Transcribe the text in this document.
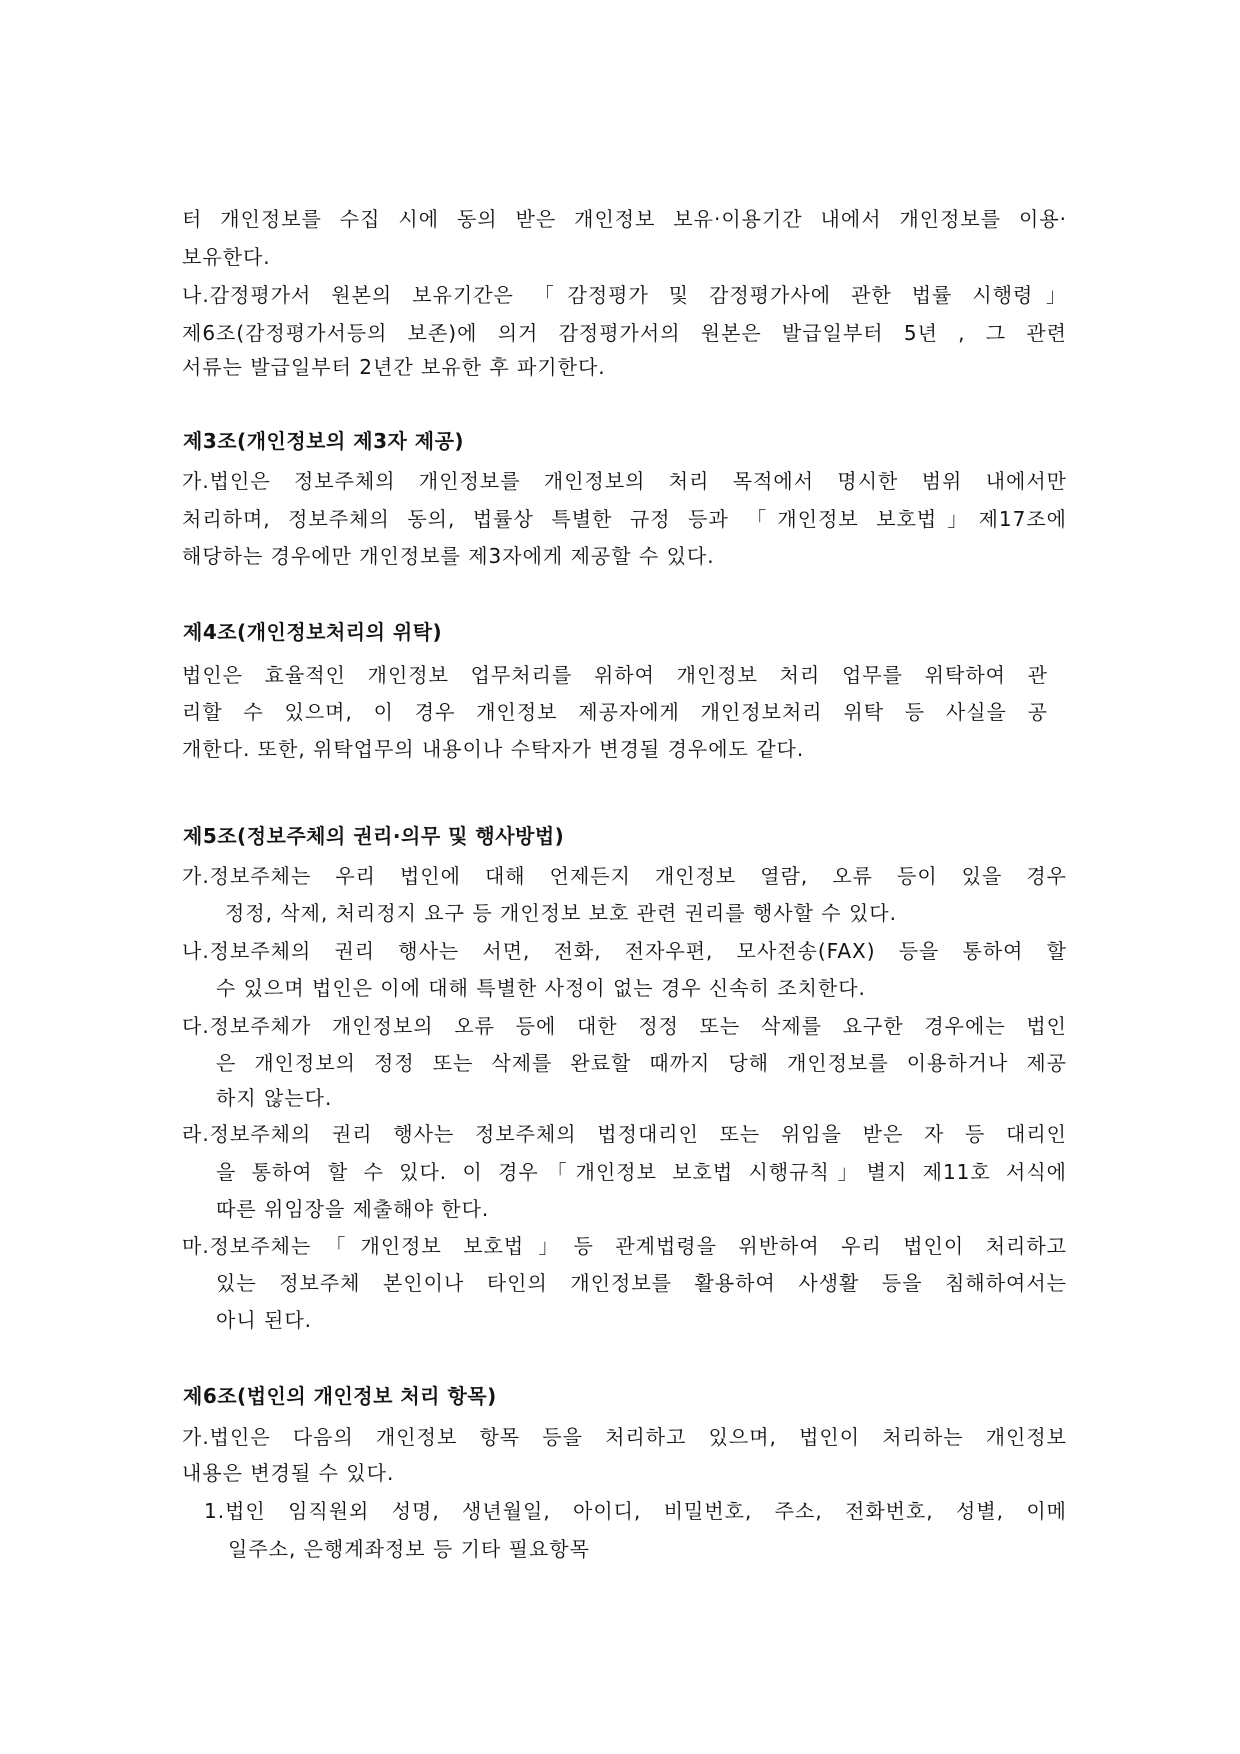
터 개인정보를 수집 시에 동의 받은 개인정보 보유·이용기간 내에서 개인정보를 이용·
보유한다.
나.감정평가서 원본의 보유기간은 「감정평가 및 감정평가사에 관한 법률 시행령」
제6조(감정평가서등의 보존)에 의거 감정평가서의 원본은 발급일부터 5년 , 그 관련
서류는 발급일부터 2년간 보유한 후 파기한다.
제3조(개인정보의 제3자 제공)
가.법인은 정보주체의 개인정보를 개인정보의 처리 목적에서 명시한 범위 내에서만
처리하며, 정보주체의 동의, 법률상 특별한 규정 등과 「개인정보 보호법」제17조에
해당하는 경우에만 개인정보를 제3자에게 제공할 수 있다.
제4조(개인정보처리의 위탁)
법인은 효율적인 개인정보 업무처리를 위하여 개인정보 처리 업무를 위탁하여 관
리할 수 있으며, 이 경우 개인정보 제공자에게 개인정보처리 위탁 등 사실을 공
개한다. 또한, 위탁업무의 내용이나 수탁자가 변경될 경우에도 같다.
제5조(정보주체의 권리·의무 및 행사방법)
가.정보주체는 우리 법인에 대해 언제든지 개인정보 열람, 오류 등이 있을 경우
정정, 삭제, 처리정지 요구 등 개인정보 보호 관련 권리를 행사할 수 있다.
나.정보주체의 권리 행사는 서면, 전화, 전자우편, 모사전송(FAX) 등을 통하여 할
수 있으며 법인은 이에 대해 특별한 사정이 없는 경우 신속히 조치한다.
다.정보주체가 개인정보의 오류 등에 대한 정정 또는 삭제를 요구한 경우에는 법인
은 개인정보의 정정 또는 삭제를 완료할 때까지 당해 개인정보를 이용하거나 제공
하지 않는다.
라.정보주체의 권리 행사는 정보주체의 법정대리인 또는 위임을 받은 자 등 대리인
을 통하여 할 수 있다. 이 경우「개인정보 보호법 시행규칙」별지 제11호 서식에
따른 위임장을 제출해야 한다.
마.정보주체는「개인정보 보호법」등 관계법령을 위반하여 우리 법인이 처리하고
있는 정보주체 본인이나 타인의 개인정보를 활용하여 사생활 등을 침해하여서는
아니 된다.
제6조(법인의 개인정보 처리 항목)
가.법인은 다음의 개인정보 항목 등을 처리하고 있으며, 법인이 처리하는 개인정보
내용은 변경될 수 있다.
1.법인 임직원외 성명, 생년월일, 아이디, 비밀번호, 주소, 전화번호, 성별, 이메
일주소, 은행계좌정보 등 기타 필요항목
